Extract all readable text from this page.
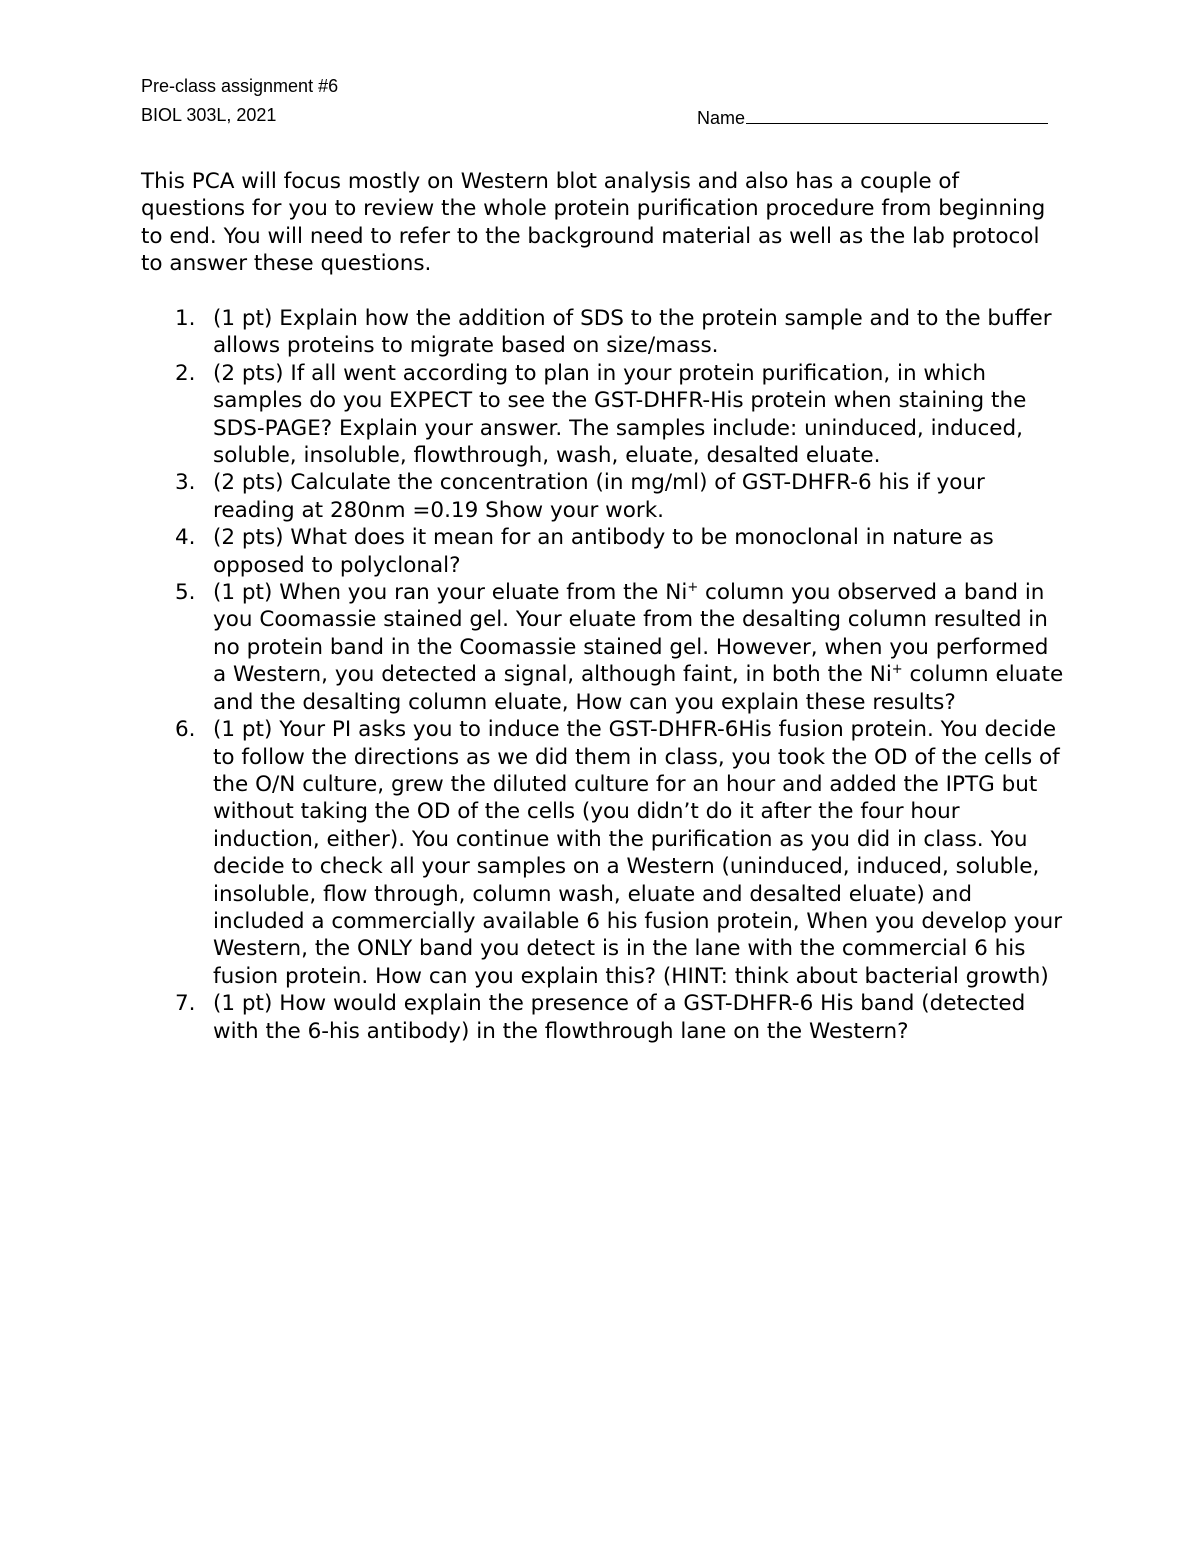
Pre-class assignment #6
BIOL 303L, 2021	Name

This PCA will focus mostly on Western blot analysis and also has a couple of questions for you to review the whole protein purification procedure from beginning to end. You will need to refer to the background material as well as the lab protocol to answer these questions.

1. (1 pt) Explain how the addition of SDS to the protein sample and to the buffer allows proteins to migrate based on size/mass.
2. (2 pts) If all went according to plan in your protein purification, in which samples do you EXPECT to see the GST-DHFR-His protein when staining the SDS-PAGE? Explain your answer. The samples include: uninduced, induced, soluble, insoluble, flowthrough, wash, eluate, desalted eluate.
3. (2 pts) Calculate the concentration (in mg/ml) of GST-DHFR-6 his if your reading at 280nm =0.19 Show your work.
4. (2 pts) What does it mean for an antibody to be monoclonal in nature as opposed to polyclonal?
5. (1 pt) When you ran your eluate from the Ni+ column you observed a band in you Coomassie stained gel. Your eluate from the desalting column resulted in no protein band in the Coomassie stained gel. However, when you performed a Western, you detected a signal, although faint, in both the Ni+ column eluate and the desalting column eluate, How can you explain these results?
6. (1 pt) Your PI asks you to induce the GST-DHFR-6His fusion protein. You decide to follow the directions as we did them in class, you took the OD of the cells of the O/N culture, grew the diluted culture for an hour and added the IPTG but without taking the OD of the cells (you didn’t do it after the four hour induction, either). You continue with the purification as you did in class. You decide to check all your samples on a Western (uninduced, induced, soluble, insoluble, flow through, column wash, eluate and desalted eluate) and included a commercially available 6 his fusion protein, When you develop your Western, the ONLY band you detect is in the lane with the commercial 6 his fusion protein. How can you explain this? (HINT: think about bacterial growth)
7. (1 pt) How would explain the presence of a GST-DHFR-6 His band (detected with the 6-his antibody) in the flowthrough lane on the Western?
